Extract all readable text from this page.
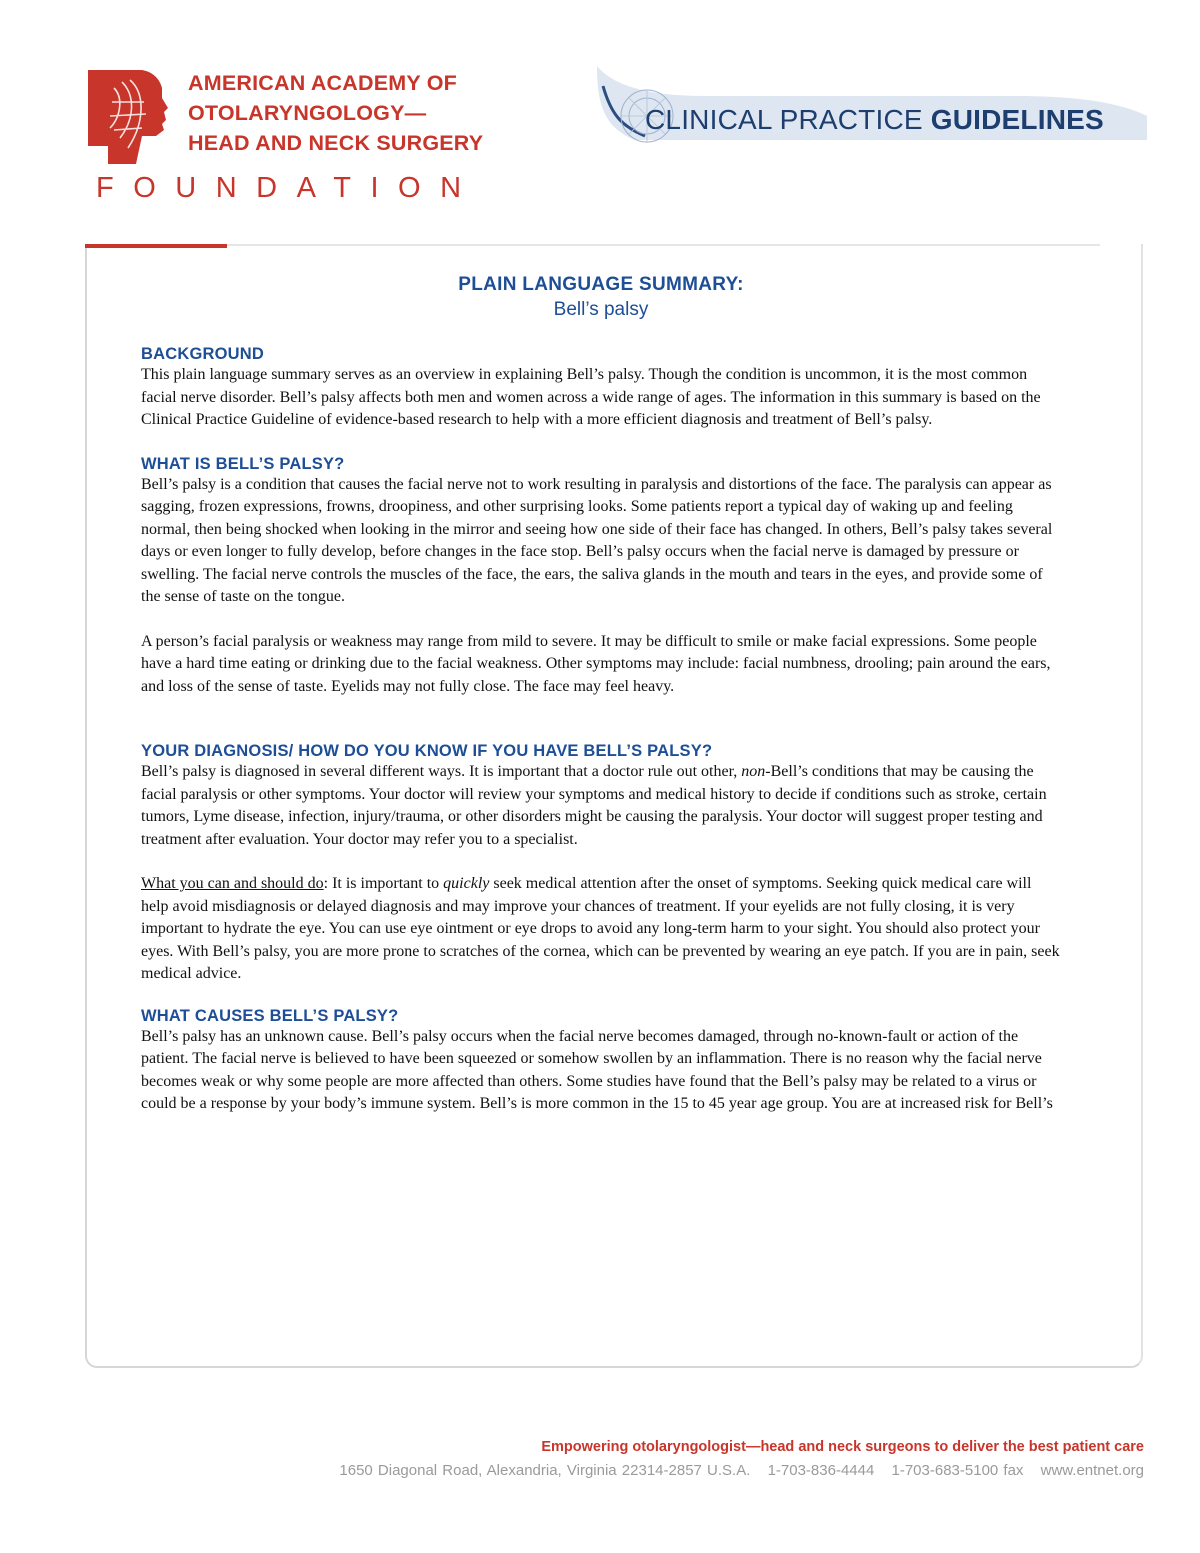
AMERICAN ACADEMY OF
OTOLARYNGOLOGY—
HEAD AND NECK SURGERY
FOUNDATION
CLINICAL PRACTICE GUIDELINES
PLAIN LANGUAGE SUMMARY:
Bell’s palsy
BACKGROUND

This plain language summary serves as an overview in explaining Bell’s palsy. Though the condition is uncommon, it is the most common facial nerve disorder. Bell’s palsy affects both men and women across a wide range of ages. The information in this summary is based on the Clinical Practice Guideline of evidence-based research to help with a more efficient diagnosis and treatment of Bell’s palsy.

WHAT IS BELL’S PALSY?

Bell’s palsy is a condition that causes the facial nerve not to work resulting in paralysis and distortions of the face. The paralysis can appear as sagging, frozen expressions, frowns, droopiness, and other surprising looks. Some patients report a typical day of waking up and feeling normal, then being shocked when looking in the mirror and seeing how one side of their face has changed. In others, Bell’s palsy takes several days or even longer to fully develop, before changes in the face stop. Bell’s palsy occurs when the facial nerve is damaged by pressure or swelling. The facial nerve controls the muscles of the face, the ears, the saliva glands in the mouth and tears in the eyes, and provide some of the sense of taste on the tongue.

A person’s facial paralysis or weakness may range from mild to severe. It may be difficult to smile or make facial expressions. Some people have a hard time eating or drinking due to the facial weakness. Other symptoms may include: facial numbness, drooling; pain around the ears, and loss of the sense of taste. Eyelids may not fully close. The face may feel heavy.

YOUR DIAGNOSIS/ HOW DO YOU KNOW IF YOU HAVE BELL’S PALSY?

Bell’s palsy is diagnosed in several different ways. It is important that a doctor rule out other, non-Bell’s conditions that may be causing the facial paralysis or other symptoms. Your doctor will review your symptoms and medical history to decide if conditions such as stroke, certain tumors, Lyme disease, infection, injury/trauma, or other disorders might be causing the paralysis. Your doctor will suggest proper testing and treatment after evaluation. Your doctor may refer you to a specialist.

What you can and should do: It is important to quickly seek medical attention after the onset of symptoms. Seeking quick medical care will help avoid misdiagnosis or delayed diagnosis and may improve your chances of treatment. If your eyelids are not fully closing, it is very important to hydrate the eye. You can use eye ointment or eye drops to avoid any long-term harm to your sight. You should also protect your eyes. With Bell’s palsy, you are more prone to scratches of the cornea, which can be prevented by wearing an eye patch. If you are in pain, seek medical advice.

WHAT CAUSES BELL’S PALSY?

Bell’s palsy has an unknown cause. Bell’s palsy occurs when the facial nerve becomes damaged, through no-known-fault or action of the patient. The facial nerve is believed to have been squeezed or somehow swollen by an inflammation. There is no reason why the facial nerve becomes weak or why some people are more affected than others. Some studies have found that the Bell’s palsy may be related to a virus or could be a response by your body’s immune system. Bell’s is more common in the 15 to 45 year age group. You are at increased risk for Bell’s

Empowering otolaryngologist—head and neck surgeons to deliver the best patient care
1650 Diagonal Road, Alexandria, Virginia 22314-2857 U.S.A. 1-703-836-4444 1-703-683-5100 fax www.entnet.org
